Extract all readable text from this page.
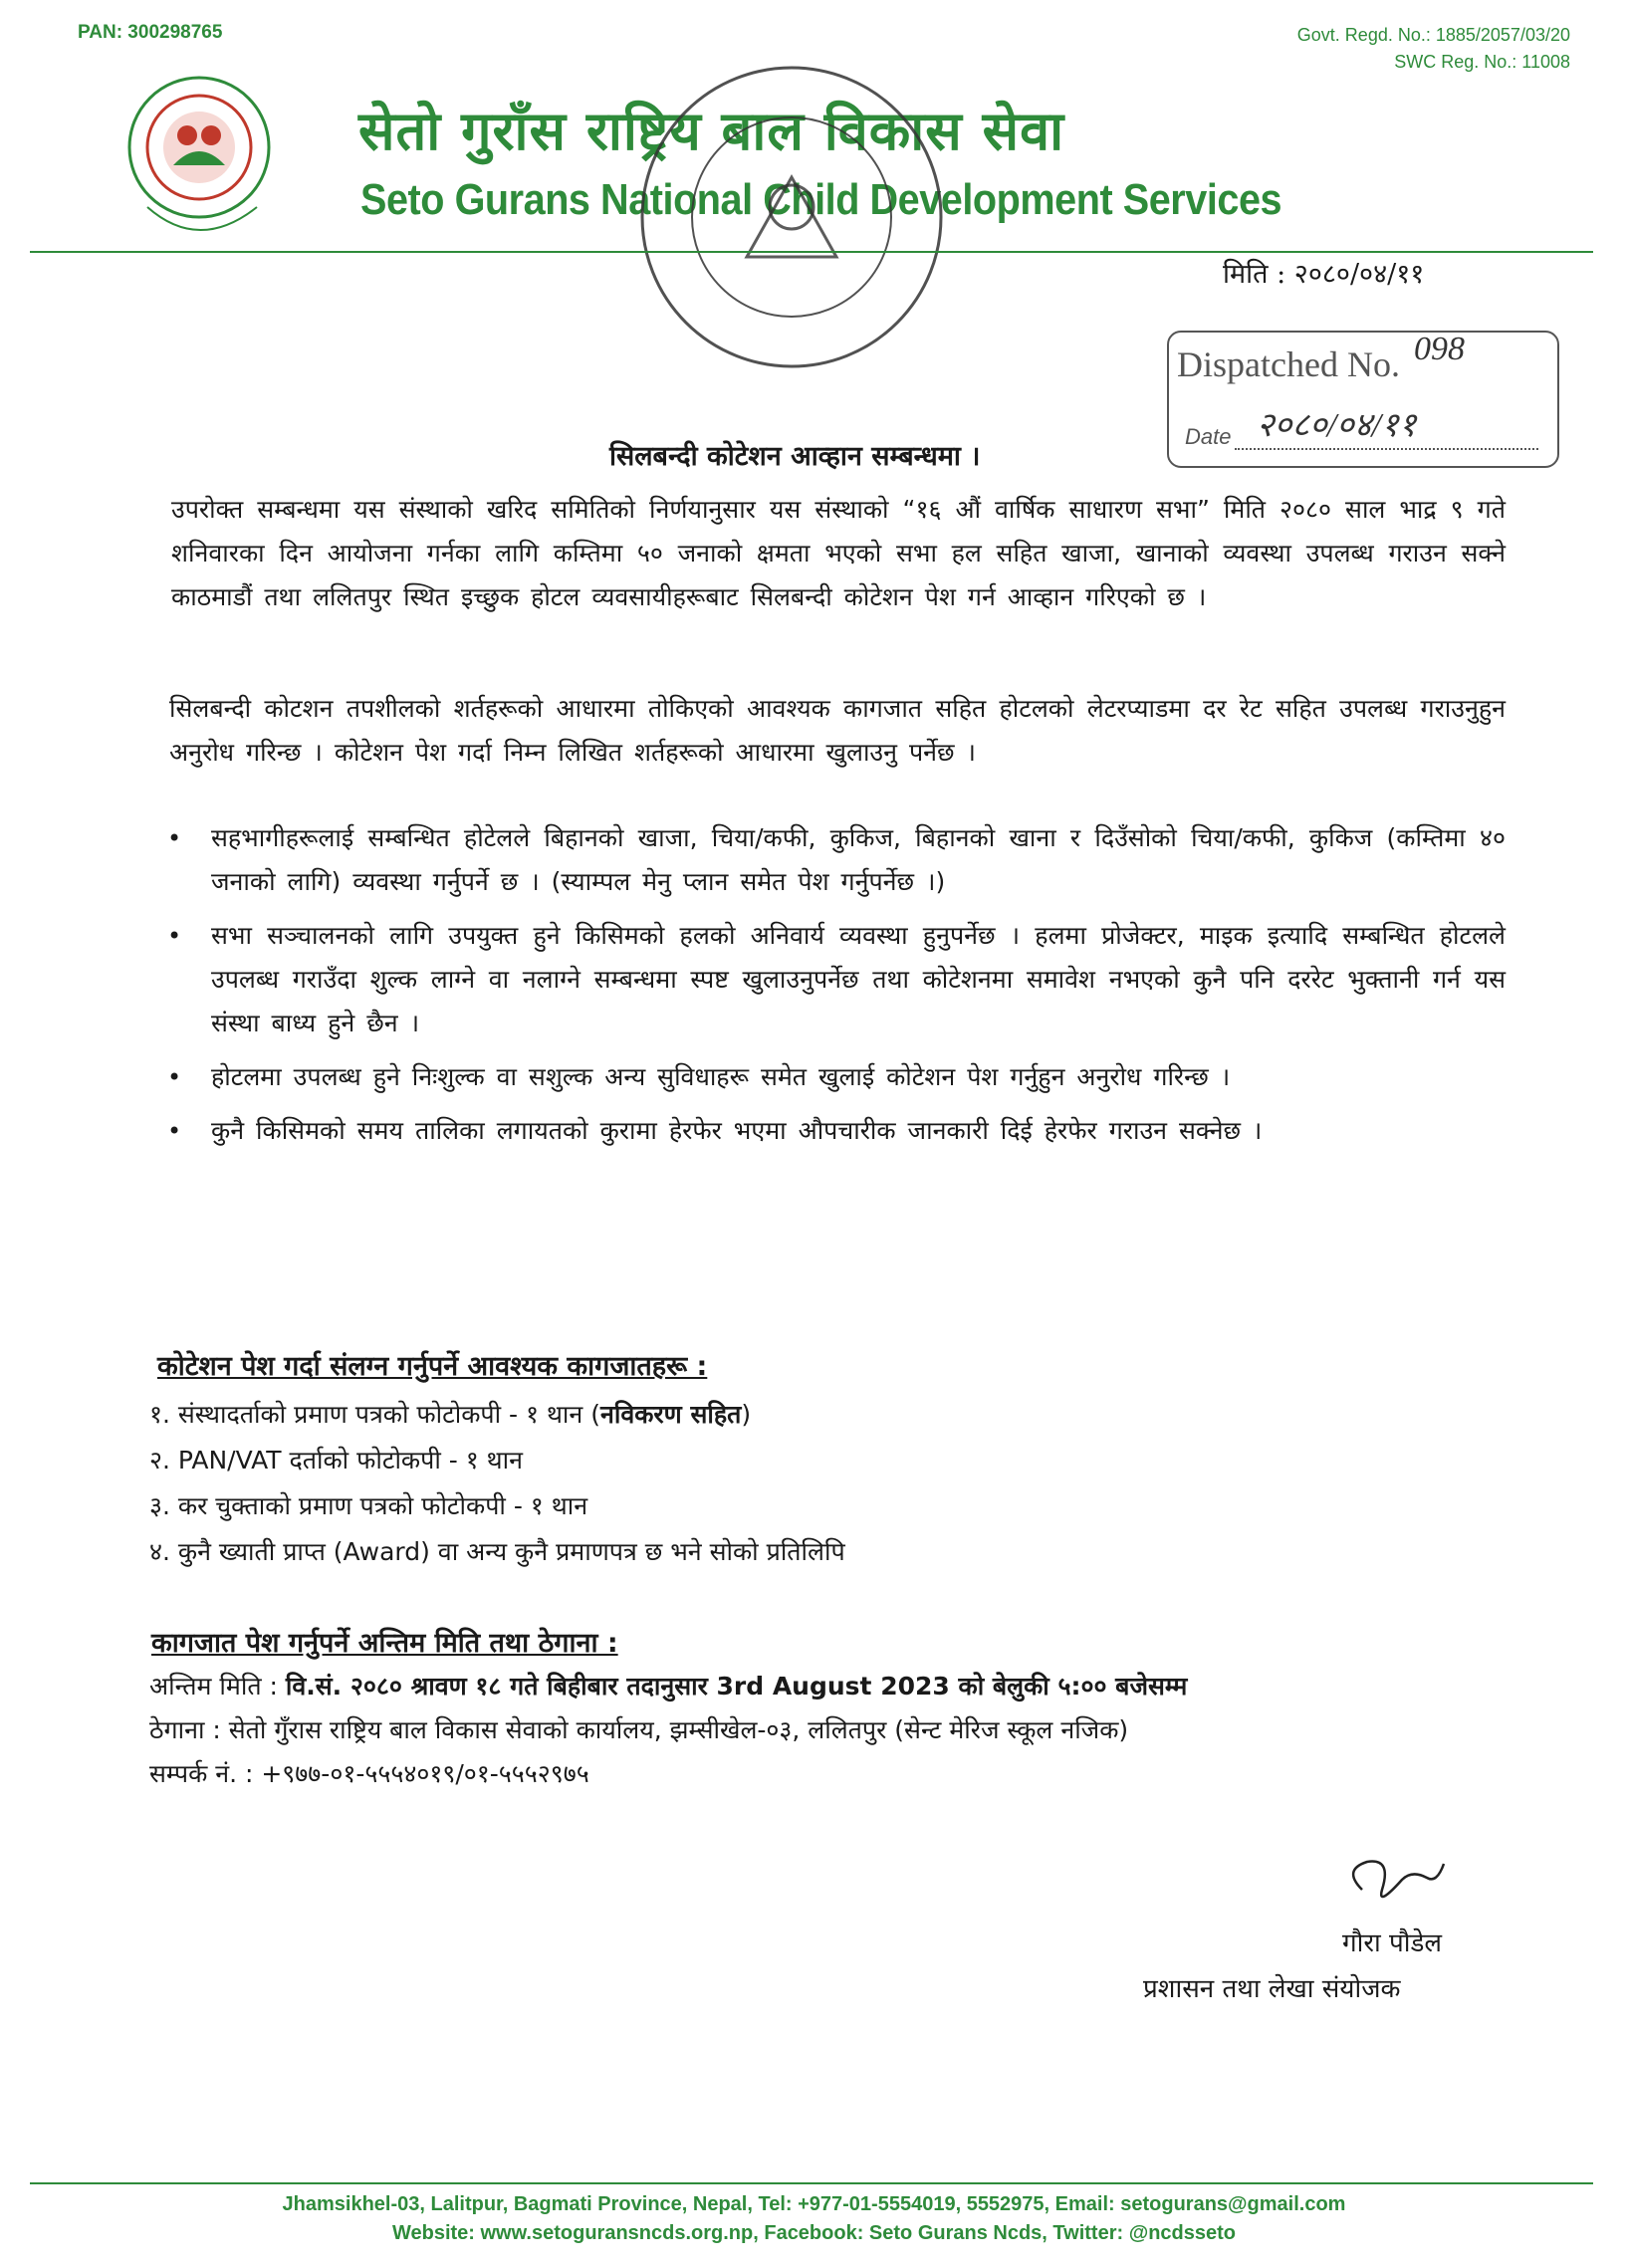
PAN: 300298765	Govt. Regd. No.: 1885/2057/03/20
SWC Reg. No.: 11008
सेतो गुराँस राष्ट्रिय बाल विकास सेवा
Seto Gurans National Child Development Services
मिति : २०८०/०४/११
Dispatched No. 098
Date २०८०/०४/११
सिलबन्दी कोटेशन आव्हान सम्बन्धमा ।

उपरोक्त सम्बन्धमा यस संस्थाको खरिद समितिको निर्णयानुसार यस संस्थाको “१६ औं वार्षिक साधारण सभा” मिति २०८० साल भाद्र ९ गते शनिवारका दिन आयोजना गर्नका लागि कम्तिमा ५० जनाको क्षमता भएको सभा हल सहित खाजा, खानाको व्यवस्था उपलब्ध गराउन सक्ने काठमाडौं तथा ललितपुर स्थित इच्छुक होटल व्यवसायीहरूबाट सिलबन्दी कोटेशन पेश गर्न आव्हान गरिएको छ ।

सिलबन्दी कोटशन तपशीलको शर्तहरूको आधारमा तोकिएको आवश्यक कागजात सहित होटलको लेटरप्याडमा दर रेट सहित उपलब्ध गराउनुहुन अनुरोध गरिन्छ । कोटेशन पेश गर्दा निम्न लिखित शर्तहरूको आधारमा खुलाउनु पर्नेछ ।

• सहभागीहरूलाई सम्बन्धित होटेलले बिहानको खाजा, चिया/कफी, कुकिज, बिहानको खाना र दिउँसोको चिया/कफी, कुकिज (कम्तिमा ४० जनाको लागि) व्यवस्था गर्नुपर्ने छ । (स्याम्पल मेनु प्लान समेत पेश गर्नुपर्नेछ ।)
• सभा सञ्चालनको लागि उपयुक्त हुने किसिमको हलको अनिवार्य व्यवस्था हुनुपर्नेछ । हलमा प्रोजेक्टर, माइक इत्यादि सम्बन्धित होटलले उपलब्ध गराउँदा शुल्क लाग्ने वा नलाग्ने सम्बन्धमा स्पष्ट खुलाउनुपर्नेछ तथा कोटेशनमा समावेश नभएको कुनै पनि दररेट भुक्तानी गर्न यस संस्था बाध्य हुने छैन ।
• होटलमा उपलब्ध हुने निःशुल्क वा सशुल्क अन्य सुविधाहरू समेत खुलाई कोटेशन पेश गर्नुहुन अनुरोध गरिन्छ ।
• कुनै किसिमको समय तालिका लगायतको कुरामा हेरफेर भएमा औपचारीक जानकारी दिई हेरफेर गराउन सक्नेछ ।
कोटेशन पेश गर्दा संलग्न गर्नुपर्ने आवश्यक कागजातहरू :
१. संस्थादर्ताको प्रमाण पत्रको फोटोकपी - १ थान (नविकरण सहित)
२. PAN/VAT दर्ताको फोटोकपी - १ थान
३. कर चुक्ताको प्रमाण पत्रको फोटोकपी - १ थान
४. कुनै ख्याती प्राप्त (Award) वा अन्य कुनै प्रमाणपत्र छ भने सोको प्रतिलिपि
कागजात पेश गर्नुपर्ने अन्तिम मिति तथा ठेगाना :
अन्तिम मिति : वि.सं. २०८० श्रावण १८ गते बिहीबार तदानुसार 3rd August 2023 को बेलुकी ५:०० बजेसम्म
ठेगाना : सेतो गुँरास राष्ट्रिय बाल विकास सेवाको कार्यालय, झम्सीखेल-०३, ललितपुर (सेन्ट मेरिज स्कूल नजिक)
सम्पर्क नं. : +९७७-०१-५५५४०१९/०१-५५५२९७५
गौरा पौडेल
प्रशासन तथा लेखा संयोजक
Jhamsikhel-03, Lalitpur, Bagmati Province, Nepal, Tel: +977-01-5554019, 5552975, Email: setogurans@gmail.com
Website: www.setoguransncds.org.np, Facebook: Seto Gurans Ncds, Twitter: @ncdsseto
